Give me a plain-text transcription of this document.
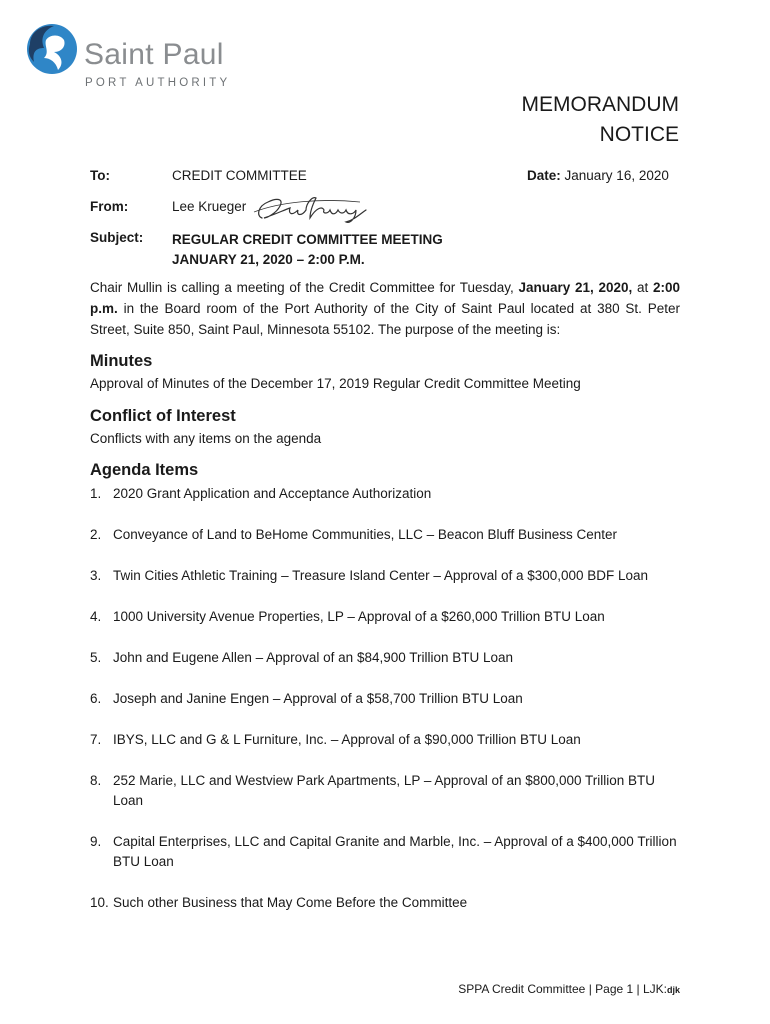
Saint Paul
PORT AUTHORITY
MEMORANDUM
NOTICE
To:	CREDIT COMMITTEE	Date: January 16, 2020
From:	Lee Krueger
Subject: REGULAR CREDIT COMMITTEE MEETING
JANUARY 21, 2020 – 2:00 P.M.
Chair Mullin is calling a meeting of the Credit Committee for Tuesday, January 21, 2020, at 2:00 p.m. in the Board room of the Port Authority of the City of Saint Paul located at 380 St. Peter Street, Suite 850, Saint Paul, Minnesota 55102. The purpose of the meeting is:
Minutes
Approval of Minutes of the December 17, 2019 Regular Credit Committee Meeting
Conflict of Interest
Conflicts with any items on the agenda
Agenda Items
1. 2020 Grant Application and Acceptance Authorization
2. Conveyance of Land to BeHome Communities, LLC – Beacon Bluff Business Center
3. Twin Cities Athletic Training – Treasure Island Center – Approval of a $300,000 BDF Loan
4. 1000 University Avenue Properties, LP – Approval of a $260,000 Trillion BTU Loan
5. John and Eugene Allen – Approval of an $84,900 Trillion BTU Loan
6. Joseph and Janine Engen – Approval of a $58,700 Trillion BTU Loan
7. IBYS, LLC and G & L Furniture, Inc. – Approval of a $90,000 Trillion BTU Loan
8. 252 Marie, LLC and Westview Park Apartments, LP – Approval of an $800,000 Trillion BTU Loan
9. Capital Enterprises, LLC and Capital Granite and Marble, Inc. – Approval of a $400,000 Trillion BTU Loan
10. Such other Business that May Come Before the Committee
SPPA Credit Committee | Page 1 | LJK:djk
